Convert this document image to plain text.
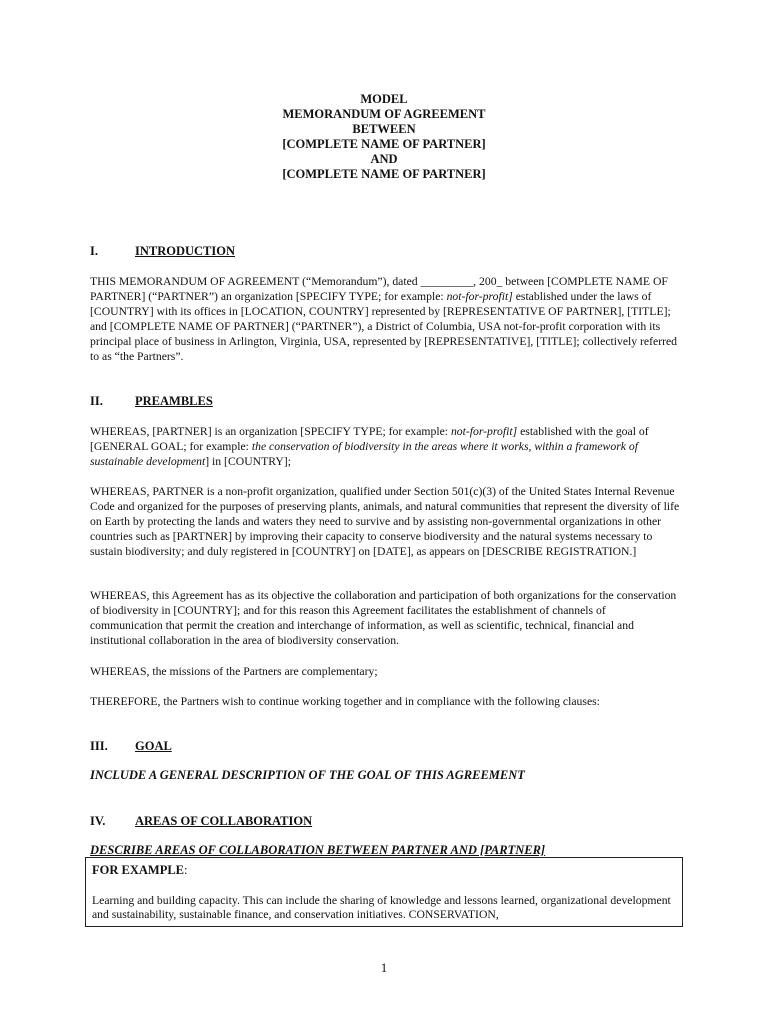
MODEL
MEMORANDUM OF AGREEMENT
BETWEEN
[COMPLETE NAME OF PARTNER]
AND
[COMPLETE NAME OF PARTNER]
I.	INTRODUCTION
THIS MEMORANDUM OF AGREEMENT (“Memorandum”), dated _________, 200_ between [COMPLETE NAME OF PARTNER] (“PARTNER”) an organization [SPECIFY TYPE; for example: not-for-profit] established under the laws of [COUNTRY] with its offices in [LOCATION, COUNTRY] represented by [REPRESENTATIVE OF PARTNER], [TITLE]; and [COMPLETE NAME OF PARTNER] (“PARTNER”), a District of Columbia, USA not-for-profit corporation with its principal place of business in Arlington, Virginia, USA, represented by [REPRESENTATIVE], [TITLE]; collectively referred to as “the Partners”.
II.	PREAMBLES
WHEREAS, [PARTNER] is an organization [SPECIFY TYPE; for example: not-for-profit] established with the goal of [GENERAL GOAL; for example: the conservation of biodiversity in the areas where it works, within a framework of sustainable development] in [COUNTRY];
WHEREAS, PARTNER is a non-profit organization, qualified under Section 501(c)(3) of the United States Internal Revenue Code and organized for the purposes of preserving plants, animals, and natural communities that represent the diversity of life on Earth by protecting the lands and waters they need to survive and by assisting non-governmental organizations in other countries such as [PARTNER] by improving their capacity to conserve biodiversity and the natural systems necessary to sustain biodiversity; and duly registered in [COUNTRY] on [DATE], as appears on [DESCRIBE REGISTRATION.]
WHEREAS, this Agreement has as its objective the collaboration and participation of both organizations for the conservation of biodiversity in [COUNTRY]; and for this reason this Agreement facilitates the establishment of channels of communication that permit the creation and interchange of information, as well as scientific, technical, financial and institutional collaboration in the area of biodiversity conservation.
WHEREAS, the missions of the Partners are complementary;
THEREFORE, the Partners wish to continue working together and in compliance with the following clauses:
III. GOAL
INCLUDE A GENERAL DESCRIPTION OF THE GOAL OF THIS AGREEMENT
IV. AREAS OF COLLABORATION
DESCRIBE AREAS OF COLLABORATION BETWEEN PARTNER AND [PARTNER]
FOR EXAMPLE:
Learning and building capacity. This can include the sharing of knowledge and lessons learned, organizational development and sustainability, sustainable finance, and conservation initiatives. CONSERVATION,
1
